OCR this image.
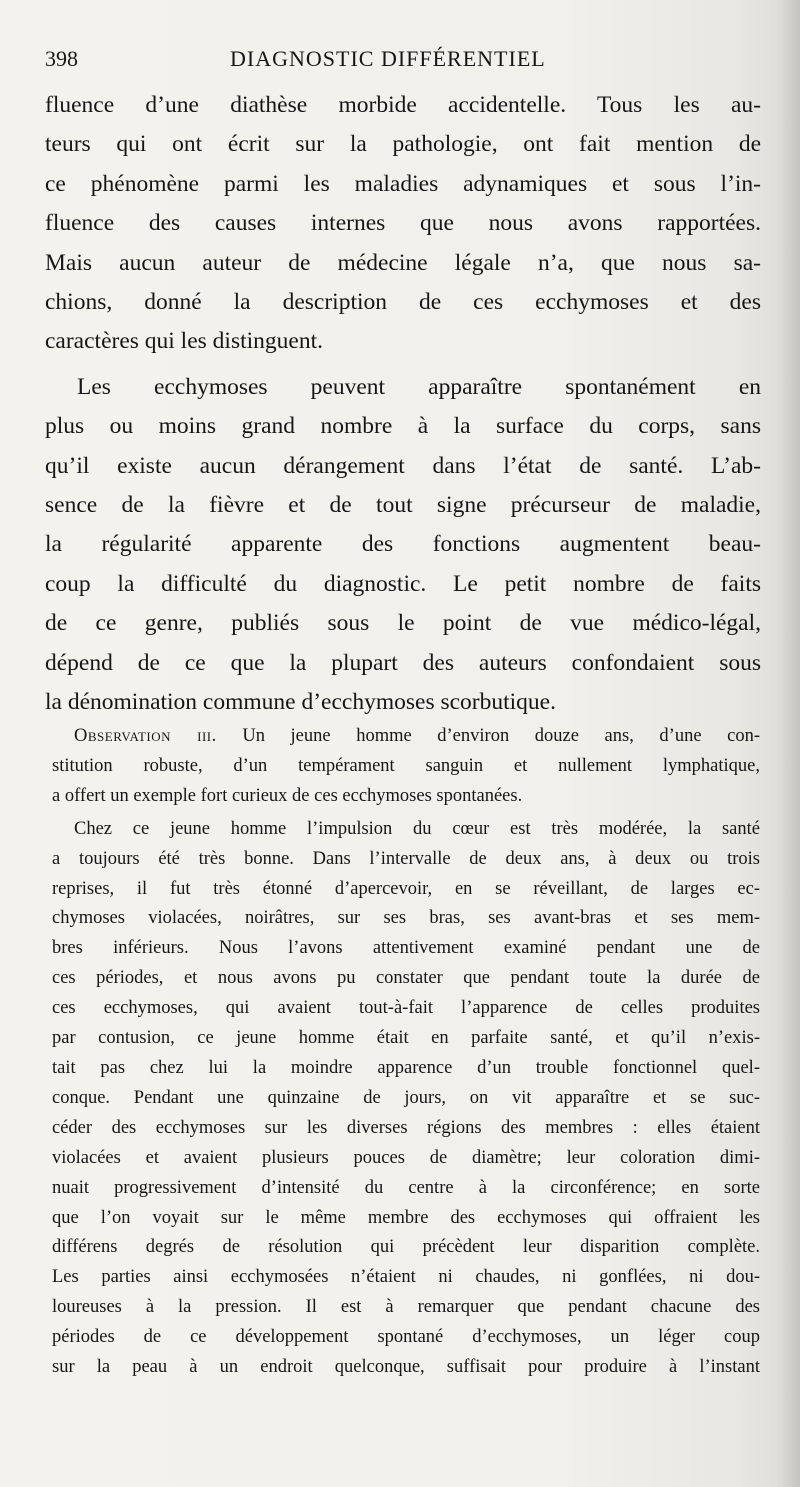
398	DIAGNOSTIC DIFFÉRENTIEL
fluence d’une diathèse morbide accidentelle. Tous les au-
teurs qui ont écrit sur la pathologie, ont fait mention de
ce phénomène parmi les maladies adynamiques et sous l’in-
fluence des causes internes que nous avons rapportées.
Mais aucun auteur de médecine légale n’a, que nous sa-
chions, donné la description de ces ecchymoses et des
caractères qui les distinguent.
Les ecchymoses peuvent apparaître spontanément en
plus ou moins grand nombre à la surface du corps, sans
qu’il existe aucun dérangement dans l’état de santé. L’ab-
sence de la fièvre et de tout signe précurseur de maladie,
la régularité apparente des fonctions augmentent beau-
coup la difficulté du diagnostic. Le petit nombre de faits
de ce genre, publiés sous le point de vue médico-légal,
dépend de ce que la plupart des auteurs confondaient sous
la dénomination commune d’ecchymoses scorbutique.
Observation iii. Un jeune homme d’environ douze ans, d’une con-
stitution robuste, d’un tempérament sanguin et nullement lymphatique,
a offert un exemple fort curieux de ces ecchymoses spontanées.
Chez ce jeune homme l’impulsion du cœur est très modérée, la santé
a toujours été très bonne. Dans l’intervalle de deux ans, à deux ou trois
reprises, il fut très étonné d’apercevoir, en se réveillant, de larges ec-
chymoses violacées, noirâtres, sur ses bras, ses avant-bras et ses mem-
bres inférieurs. Nous l’avons attentivement examiné pendant une de
ces périodes, et nous avons pu constater que pendant toute la durée de
ces ecchymoses, qui avaient tout-à-fait l’apparence de celles produites
par contusion, ce jeune homme était en parfaite santé, et qu’il n’exis-
tait pas chez lui la moindre apparence d’un trouble fonctionnel quel-
conque. Pendant une quinzaine de jours, on vit apparaître et se suc-
céder des ecchymoses sur les diverses régions des membres : elles étaient
violacées et avaient plusieurs pouces de diamètre; leur coloration dimi-
nuait progressivement d’intensité du centre à la circonférence; en sorte
que l’on voyait sur le même membre des ecchymoses qui offraient les
différens degrés de résolution qui précèdent leur disparition complète.
Les parties ainsi ecchymosées n’étaient ni chaudes, ni gonflées, ni dou-
loureuses à la pression. Il est à remarquer que pendant chacune des
périodes de ce développement spontané d’ecchymoses, un léger coup
sur la peau à un endroit quelconque, suffisait pour produire à l’instant
